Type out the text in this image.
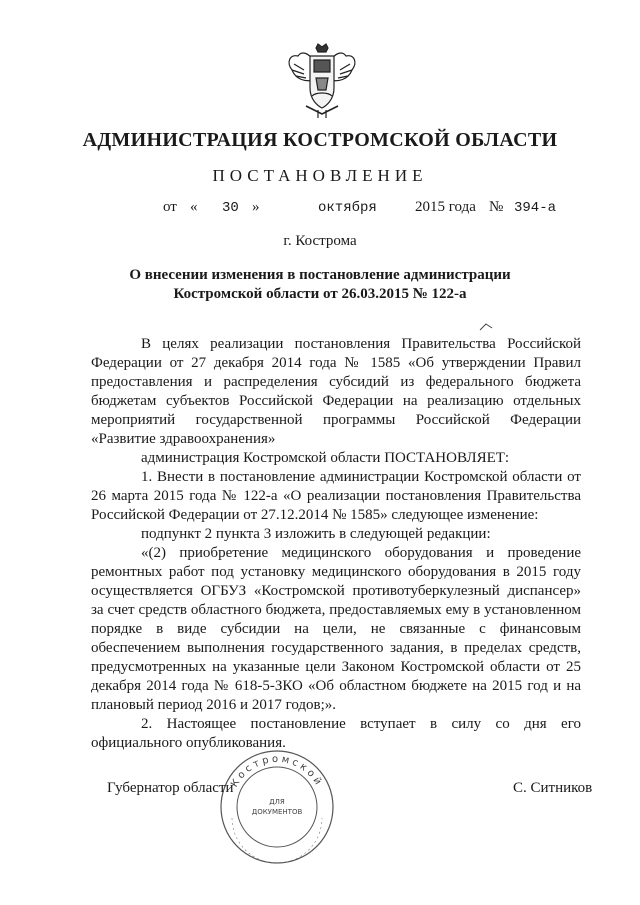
АДМИНИСТРАЦИЯ КОСТРОМСКОЙ ОБЛАСТИ
ПОСТАНОВЛЕНИЕ
от « 30 »	октября	2015 года № 394-а
г. Кострома
О внесении изменения в постановление администрации
Костромской области от 26.03.2015 № 122-а
В целях реализации постановления Правительства Российской Федерации от 27 декабря 2014 года № 1585 «Об утверждении Правил предоставления и распределения субсидий из федерального бюджета бюджетам субъектов Российской Федерации на реализацию отдельных мероприятий государственной программы Российской Федерации «Развитие здравоохранения»
администрация Костромской области ПОСТАНОВЛЯЕТ:
1. Внести в постановление администрации Костромской области от 26 марта 2015 года № 122-а «О реализации постановления Правительства Российской Федерации от 27.12.2014 № 1585» следующее изменение:
подпункт 2 пункта 3 изложить в следующей редакции:
«(2) приобретение медицинского оборудования и проведение ремонтных работ под установку медицинского оборудования в 2015 году осуществляется ОГБУЗ «Костромской противотуберкулезный диспансер» за счет средств областного бюджета, предоставляемых ему в установленном порядке в виде субсидии на цели, не связанные с финансовым обеспечением выполнения государственного задания, в пределах средств, предусмотренных на указанные цели Законом Костромской области от 25 декабря 2014 года № 618-5-ЗКО «Об областном бюджете на 2015 год и на плановый период 2016 и 2017 годов;».
2. Настоящее постановление вступает в силу со дня его официального опубликования.
Костромской
ДЛЯ
ДОКУМЕНТОВ
Губернатор области	С. Ситников
